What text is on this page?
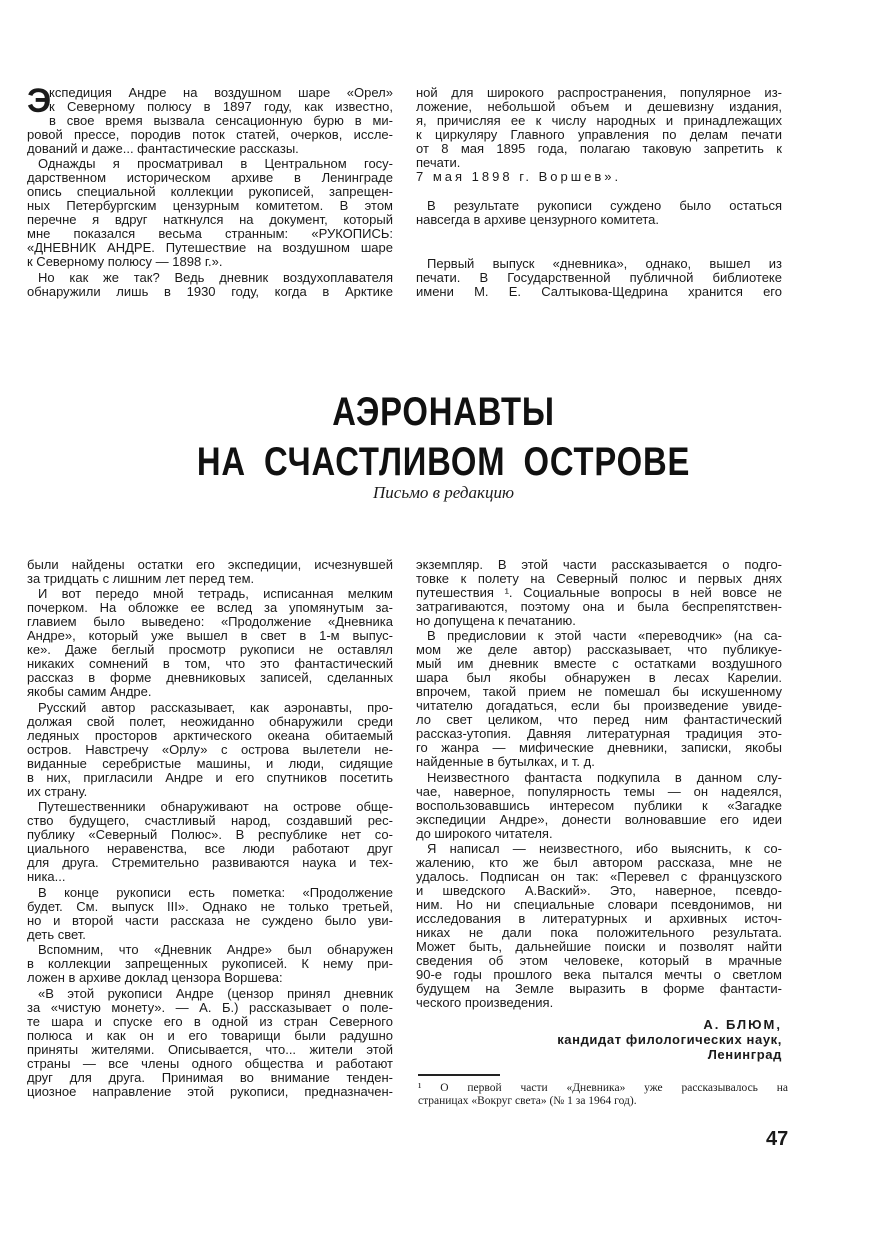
Э
кспедиция Андре на воздушном шаре «Орел»
к Северному полюсу в 1897 году, как известно,
в свое время вызвала сенсационную бурю в ми-
ровой прессе, породив поток статей, очерков, иссле-
дований и даже... фантастические рассказы.
Однажды я просматривал в Центральном госу-
дарственном историческом архиве в Ленинграде
опись специальной коллекции рукописей, запрещен-
ных Петербургским цензурным комитетом. В этом
перечне я вдруг наткнулся на документ, который
мне показался весьма странным: «РУКОПИСЬ:
«ДНЕВНИК АНДРЕ. Путешествие на воздушном шаре
к Северному полюсу — 1898 г.».
Но как же так? Ведь дневник воздухоплавателя
обнаружили лишь в 1930 году, когда в Арктике
ной для широкого распространения, популярное из-
ложение, небольшой объем и дешевизну издания,
я, причисляя ее к числу народных и принадлежащих
к циркуляру Главного управления по делам печати
от 8 мая 1895 года, полагаю таковую запретить к
печати.
7 мая 1898 г. Воршев».
В результате рукописи суждено было остаться
навсегда в архиве цензурного комитета.
Первый выпуск «дневника», однако, вышел из
печати. В Государственной публичной библиотеке
имени М. Е. Салтыкова-Щедрина хранится его
АЭРОНАВТЫ
НА СЧАСТЛИВОМ ОСТРОВЕ
Письмо в редакцию
были найдены остатки его экспедиции, исчезнувшей
за тридцать с лишним лет перед тем.
И вот передо мной тетрадь, исписанная мелким
почерком. На обложке ее вслед за упомянутым за-
главием было выведено: «Продолжение «Дневника
Андре», который уже вышел в свет в 1-м выпус-
ке». Даже беглый просмотр рукописи не оставлял
никаких сомнений в том, что это фантастический
рассказ в форме дневниковых записей, сделанных
якобы самим Андре.
Русский автор рассказывает, как аэронавты, про-
должая свой полет, неожиданно обнаружили среди
ледяных просторов арктического океана обитаемый
остров. Навстречу «Орлу» с острова вылетели не-
виданные серебристые машины, и люди, сидящие
в них, пригласили Андре и его спутников посетить
их страну.
Путешественники обнаруживают на острове обще-
ство будущего, счастливый народ, создавший рес-
публику «Северный Полюс». В республике нет со-
циального неравенства, все люди работают друг
для друга. Стремительно развиваются наука и тех-
ника...
В конце рукописи есть пометка: «Продолжение
будет. См. выпуск III». Однако не только третьей,
но и второй части рассказа не суждено было уви-
деть свет.
Вспомним, что «Дневник Андре» был обнаружен
в коллекции запрещенных рукописей. К нему при-
ложен в архиве доклад цензора Воршева:
«В этой рукописи Андре (цензор принял дневник
за «чистую монету». — А. Б.) рассказывает о поле-
те шара и спуске его в одной из стран Северного
полюса и как он и его товарищи были радушно
приняты жителями. Описывается, что... жители этой
страны — все члены одного общества и работают
друг для друга. Принимая во внимание тенден-
циозное направление этой рукописи, предназначен-
экземпляр. В этой части рассказывается о подго-
товке к полету на Северный полюс и первых днях
путешествия ¹. Социальные вопросы в ней вовсе не
затрагиваются, поэтому она и была беспрепятствен-
но допущена к печатанию.
В предисловии к этой части «переводчик» (на са-
мом же деле автор) рассказывает, что публикуе-
мый им дневник вместе с остатками воздушного
шара был якобы обнаружен в лесах Карелии.
впрочем, такой прием не помешал бы искушенному
читателю догадаться, если бы произведение увиде-
ло свет целиком, что перед ним фантастический
рассказ-утопия. Давняя литературная традиция это-
го жанра — мифические дневники, записки, якобы
найденные в бутылках, и т. д.
Неизвестного фантаста подкупила в данном слу-
чае, наверное, популярность темы — он надеялся,
воспользовавшись интересом публики к «Загадке
экспедиции Андре», донести волновавшие его идеи
до широкого читателя.
Я написал — неизвестного, ибо выяснить, к со-
жалению, кто же был автором рассказа, мне не
удалось. Подписан он так: «Перевел с французского
и шведского А.Ваский». Это, наверное, псевдо-
ним. Но ни специальные словари псевдонимов, ни
исследования в литературных и архивных источ-
никах не дали пока положительного результата.
Может быть, дальнейшие поиски и позволят найти
сведения об этом человеке, который в мрачные
90-е годы прошлого века пытался мечты о светлом
будущем на Земле выразить в форме фантасти-
ческого произведения.
А. БЛЮМ,
кандидат филологических наук,
Ленинград
¹ О первой части «Дневника» уже рассказывалось на
страницах «Вокруг света» (№ 1 за 1964 год).
47
